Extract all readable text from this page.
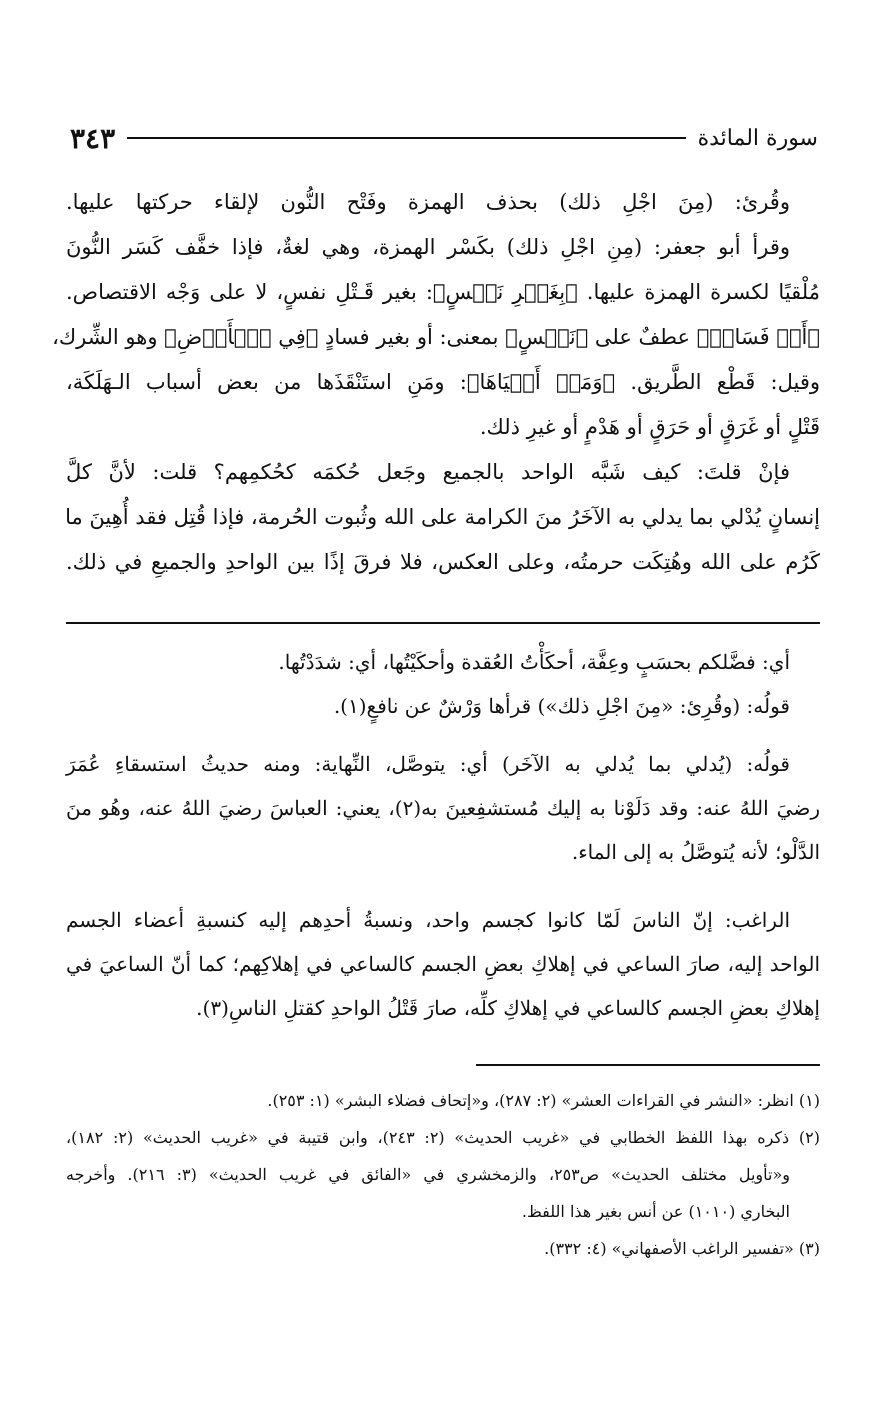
سورة المائدة
٣٤٣
وقُرئ: (مِنَ اجْلِ ذلك) بحذف الهمزة وفَتْح النُّون لإلقاء حركتها عليها.
وقرأ أبو جعفر: (مِنِ اجْلِ ذلك) بكَسْر الهمزة، وهي لغةٌ، فإذا خفَّف كَسَر النُّونَ
مُلْقيًا لكسرة الهمزة عليها. ﴿بِغَيۡرِ نَفۡسٍ﴾: بغير قَـتْلِ نفسٍ، لا على وَجْه الاقتصاص.
﴿أَوۡ فَسَادٖ﴾ عطفٌ على ﴿نَفۡسٍ﴾ بمعنى: أو بغير فسادٍ ﴿فِي ٱلۡأَرۡضِ﴾ وهو الشِّرك،
وقيل: قَطْع الطَّريق. ﴿وَمَنۡ أَحۡيَاهَا﴾: ومَنِ استَنْقَذَها من بعض أسباب الـهَلَكَة،
قَتْلٍ أو غَرَقٍ أو حَرَقٍ أو هَدْمٍ أو غيرِ ذلك.
فإنْ قلتَ: كيف شَبَّه الواحد بالجميع وجَعل حُكمَه كحُكمِهم؟ قلت: لأنَّ كلَّ
إنسانٍ يُدْلي بما يدلي به الآخَرُ منَ الكرامة على الله وثُبوت الحُرمة، فإذا قُتِل فقد أُهِينَ ما
كَرُم على الله وهُتِكَت حرمتُه، وعلى العكس، فلا فرقَ إذًا بين الواحدِ والجميعِ في ذلك.
أي: فضَّلكم بحسَبٍ وعِفَّة، أحكَأْتُ العُقدة وأحكَيْتُها، أي: شدَدْتُها.
قولُه: (وقُرِئ: «مِنَ اجْلِ ذلك») قرأها وَرْشٌ عن نافعٍ(١).
قولُه: (يُدلي بما يُدلي به الآخَر) أي: يتوصَّل، النِّهاية: ومنه حديثُ استسقاءِ عُمَرَ
رضيَ اللهُ عنه: وقد دَلَوْنا به إليك مُستشفِعينَ به(٢)، يعني: العباسَ رضيَ اللهُ عنه، وهُو منَ
الدَّلْو؛ لأنه يُتوصَّلُ به إلى الماء.
الراغب: إنّ الناسَ لَمّا كانوا كجسم واحد، ونسبةُ أحدِهم إليه كنسبةِ أعضاء الجسم
الواحد إليه، صارَ الساعي في إهلاكِ بعضِ الجسم كالساعي في إهلاكِهم؛ كما أنّ الساعيَ في
إهلاكِ بعضِ الجسم كالساعي في إهلاكِ كلِّه، صارَ قَتْلُ الواحدِ كقتلِ الناسِ(٣).
(١) انظر: «النشر في القراءات العشر» (٢: ٢٨٧)، و«إتحاف فضلاء البشر» (١: ٢٥٣).
(٢) ذكره بهذا اللفظ الخطابي في «غريب الحديث» (٢: ٢٤٣)، وابن قتيبة في «غريب الحديث» (٢: ١٨٢)،
و«تأويل مختلف الحديث» ص٢٥٣، والزمخشري في «الفائق في غريب الحديث» (٣: ٢١٦). وأخرجه
البخاري (١٠١٠) عن أنس بغير هذا اللفظ.
(٣) «تفسير الراغب الأصفهاني» (٤: ٣٣٢).
